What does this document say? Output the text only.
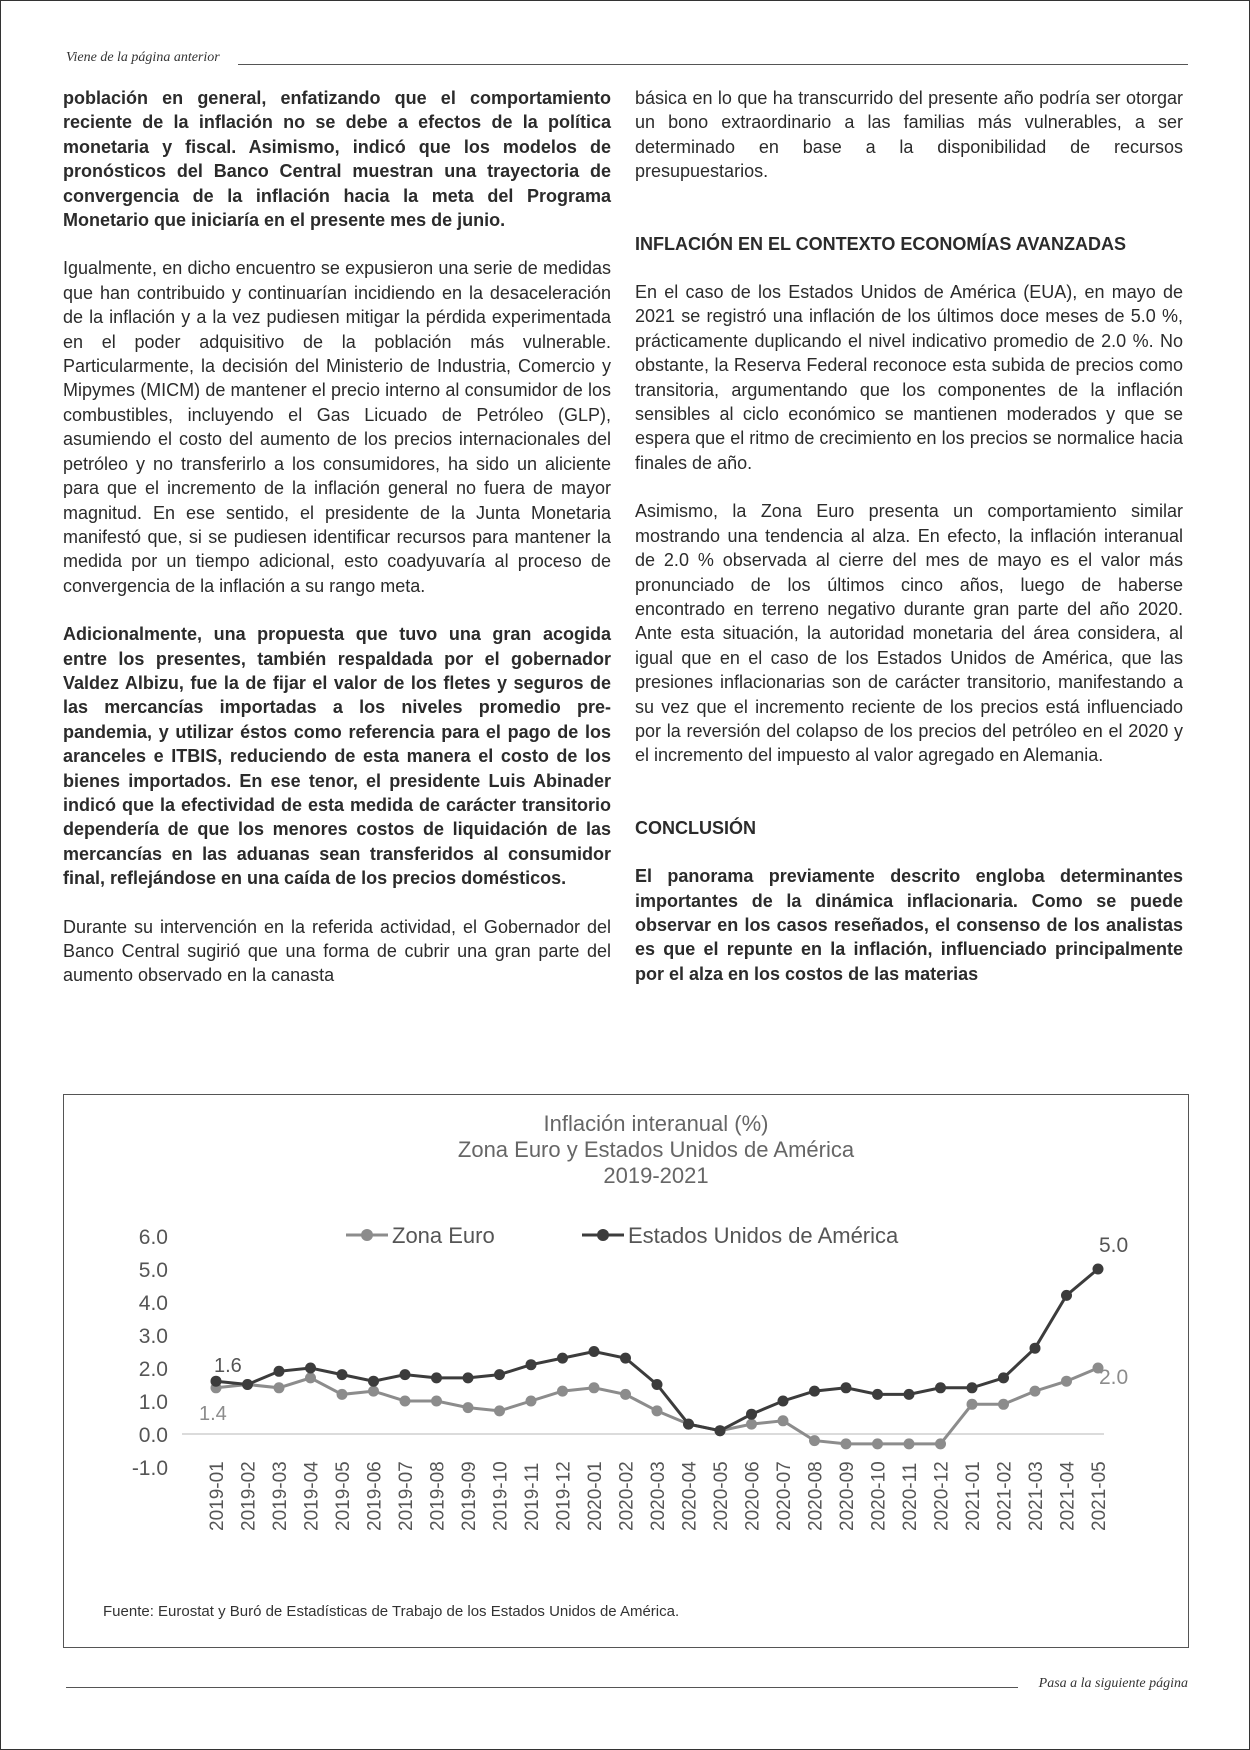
Viene de la página anterior

población en general, enfatizando que el comportamiento reciente de la inflación no se debe a efectos de la política monetaria y fiscal. Asimismo, indicó que los modelos de pronósticos del Banco Central muestran una trayectoria de convergencia de la inflación hacia la meta del Programa Monetario que iniciaría en el presente mes de junio.

Igualmente, en dicho encuentro se expusieron una serie de medidas que han contribuido y continuarían incidiendo en la desaceleración de la inflación y a la vez pudiesen mitigar la pérdida experimentada en el poder adquisitivo de la población más vulnerable. Particularmente, la decisión del Ministerio de Industria, Comercio y Mipymes (MICM) de mantener el precio interno al consumidor de los combustibles, incluyendo el Gas Licuado de Petróleo (GLP), asumiendo el costo del aumento de los precios internacionales del petróleo y no transferirlo a los consumidores, ha sido un aliciente para que el incremento de la inflación general no fuera de mayor magnitud. En ese sentido, el presidente de la Junta Monetaria manifestó que, si se pudiesen identificar recursos para mantener la medida por un tiempo adicional, esto coadyuvaría al proceso de convergencia de la inflación a su rango meta.

Adicionalmente, una propuesta que tuvo una gran acogida entre los presentes, también respaldada por el gobernador Valdez Albizu, fue la de fijar el valor de los fletes y seguros de las mercancías importadas a los niveles promedio pre-pandemia, y utilizar éstos como referencia para el pago de los aranceles e ITBIS, reduciendo de esta manera el costo de los bienes importados. En ese tenor, el presidente Luis Abinader indicó que la efectividad de esta medida de carácter transitorio dependería de que los menores costos de liquidación de las mercancías en las aduanas sean transferidos al consumidor final, reflejándose en una caída de los precios domésticos.

Durante su intervención en la referida actividad, el Gobernador del Banco Central sugirió que una forma de cubrir una gran parte del aumento observado en la canasta

básica en lo que ha transcurrido del presente año podría ser otorgar un bono extraordinario a las familias más vulnerables, a ser determinado en base a la disponibilidad de recursos presupuestarios.

INFLACIÓN EN EL CONTEXTO ECONOMÍAS AVANZADAS

En el caso de los Estados Unidos de América (EUA), en mayo de 2021 se registró una inflación de los últimos doce meses de 5.0 %, prácticamente duplicando el nivel indicativo promedio de 2.0 %. No obstante, la Reserva Federal reconoce esta subida de precios como transitoria, argumentando que los componentes de la inflación sensibles al ciclo económico se mantienen moderados y que se espera que el ritmo de crecimiento en los precios se normalice hacia finales de año.

Asimismo, la Zona Euro presenta un comportamiento similar mostrando una tendencia al alza. En efecto, la inflación interanual de 2.0 % observada al cierre del mes de mayo es el valor más pronunciado de los últimos cinco años, luego de haberse encontrado en terreno negativo durante gran parte del año 2020. Ante esta situación, la autoridad monetaria del área considera, al igual que en el caso de los Estados Unidos de América, que las presiones inflacionarias son de carácter transitorio, manifestando a su vez que el incremento reciente de los precios está influenciado por la reversión del colapso de los precios del petróleo en el 2020 y el incremento del impuesto al valor agregado en Alemania.

CONCLUSIÓN

El panorama previamente descrito engloba determinantes importantes de la dinámica inflacionaria. Como se puede observar en los casos reseñados, el consenso de los analistas es que el repunte en la inflación, influenciado principalmente por el alza en los costos de las materias

Inflación interanual (%)
Zona Euro y Estados Unidos de América
2019-2021
6.0
5.0
4.0
3.0
2.0
1.0
0.0
-1.0 2019-01 2019-02 2019-03 2019-04 2019-05 2019-06 2019-07 2019-08 2019-09 2019-10 2019-11 2019-12 2020-01 2020-02 2020-03 2020-04 2020-05 2020-06 2020-07 2020-08 2020-09 2020-10 2020-11 2020-12 2021-01 2021-02 2021-03 2021-04 2021-05
Zona Euro	Estados Unidos de América
1.4
1.6
5.0
2.0
Fuente: Eurostat y Buró de Estadísticas de Trabajo de los Estados Unidos de América.
Pasa a la siguiente página
